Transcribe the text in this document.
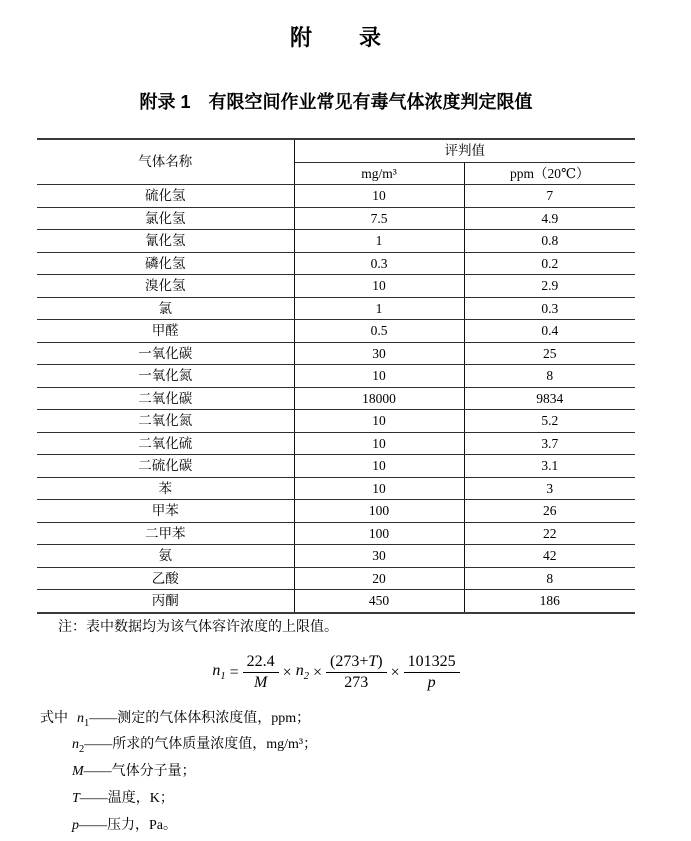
附　　录
附录 1　有限空间作业常见有毒气体浓度判定限值
气体名称	评判值	
	mg/m³	ppm（20℃）
硫化氢	10	7
氯化氢	7.5	4.9
氰化氢	1	0.8
磷化氢	0.3	0.2
溴化氢	10	2.9
氯	1	0.3
甲醛	0.5	0.4
一氧化碳	30	25
一氧化氮	10	8
二氧化碳	18000	9834
二氧化氮	10	5.2
二氧化硫	10	3.7
二硫化碳	10	3.1
苯	10	3
甲苯	100	26
二甲苯	100	22
氨	30	42
乙酸	20	8
丙酮	450	186

注：表中数据均为该气体容许浓度的上限值。

$n_1 = \frac{22.4}{M} \times n_2 \times \frac{(273+T)}{273} \times \frac{101325}{p}$
式中 $n_1——$测定的气体体积浓度值，ppm；
$n_2——$所求的气体质量浓度值，mg/m³；
M——气体分子量；
T——温度，K；
p——压力，Pa。
